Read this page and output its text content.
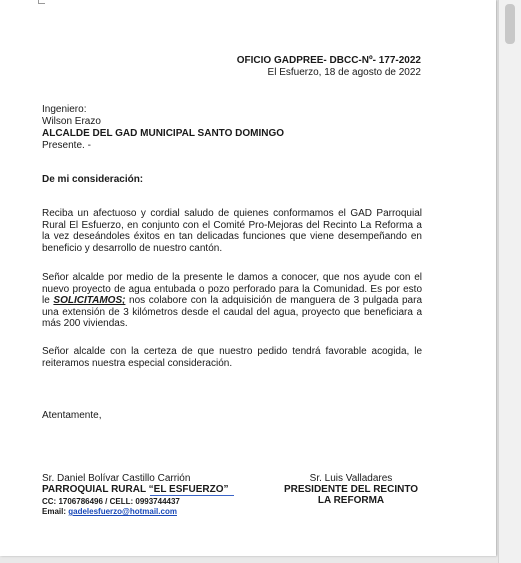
OFICIO GADPREE- DBCC-Nº- 177-2022
El Esfuerzo, 18 de agosto de 2022
Ingeniero:
Wilson Erazo
ALCALDE DEL GAD MUNICIPAL SANTO DOMINGO
Presente. -
De mi consideración:
Reciba un afectuoso y cordial saludo de quienes conformamos el GAD Parroquial Rural El Esfuerzo, en conjunto con el Comité Pro-Mejoras del Recinto La Reforma a la vez deseándoles éxitos en tan delicadas funciones que viene desempeñando en beneficio y desarrollo de nuestro cantón.
Señor alcalde por medio de la presente le damos a conocer, que nos ayude con el nuevo proyecto de agua entubada o pozo perforado para la Comunidad. Es por esto le SOLICITAMOS; nos colabore con la adquisición de manguera de 3 pulgada para una extensión de 3 kilómetros desde el caudal del agua, proyecto que beneficiara a más 200 viviendas.
Señor alcalde con la certeza de que nuestro pedido tendrá favorable acogida, le reiteramos nuestra especial consideración.
Atentamente,
Sr. Daniel Bolívar Castillo Carrión
PARROQUIAL RURAL “EL ESFUERZO”
CC: 1706786496 / CELL: 0993744437
Email: gadelesfuerzo@hotmail.com
Sr. Luis Valladares
PRESIDENTE DEL RECINTO
LA REFORMA
